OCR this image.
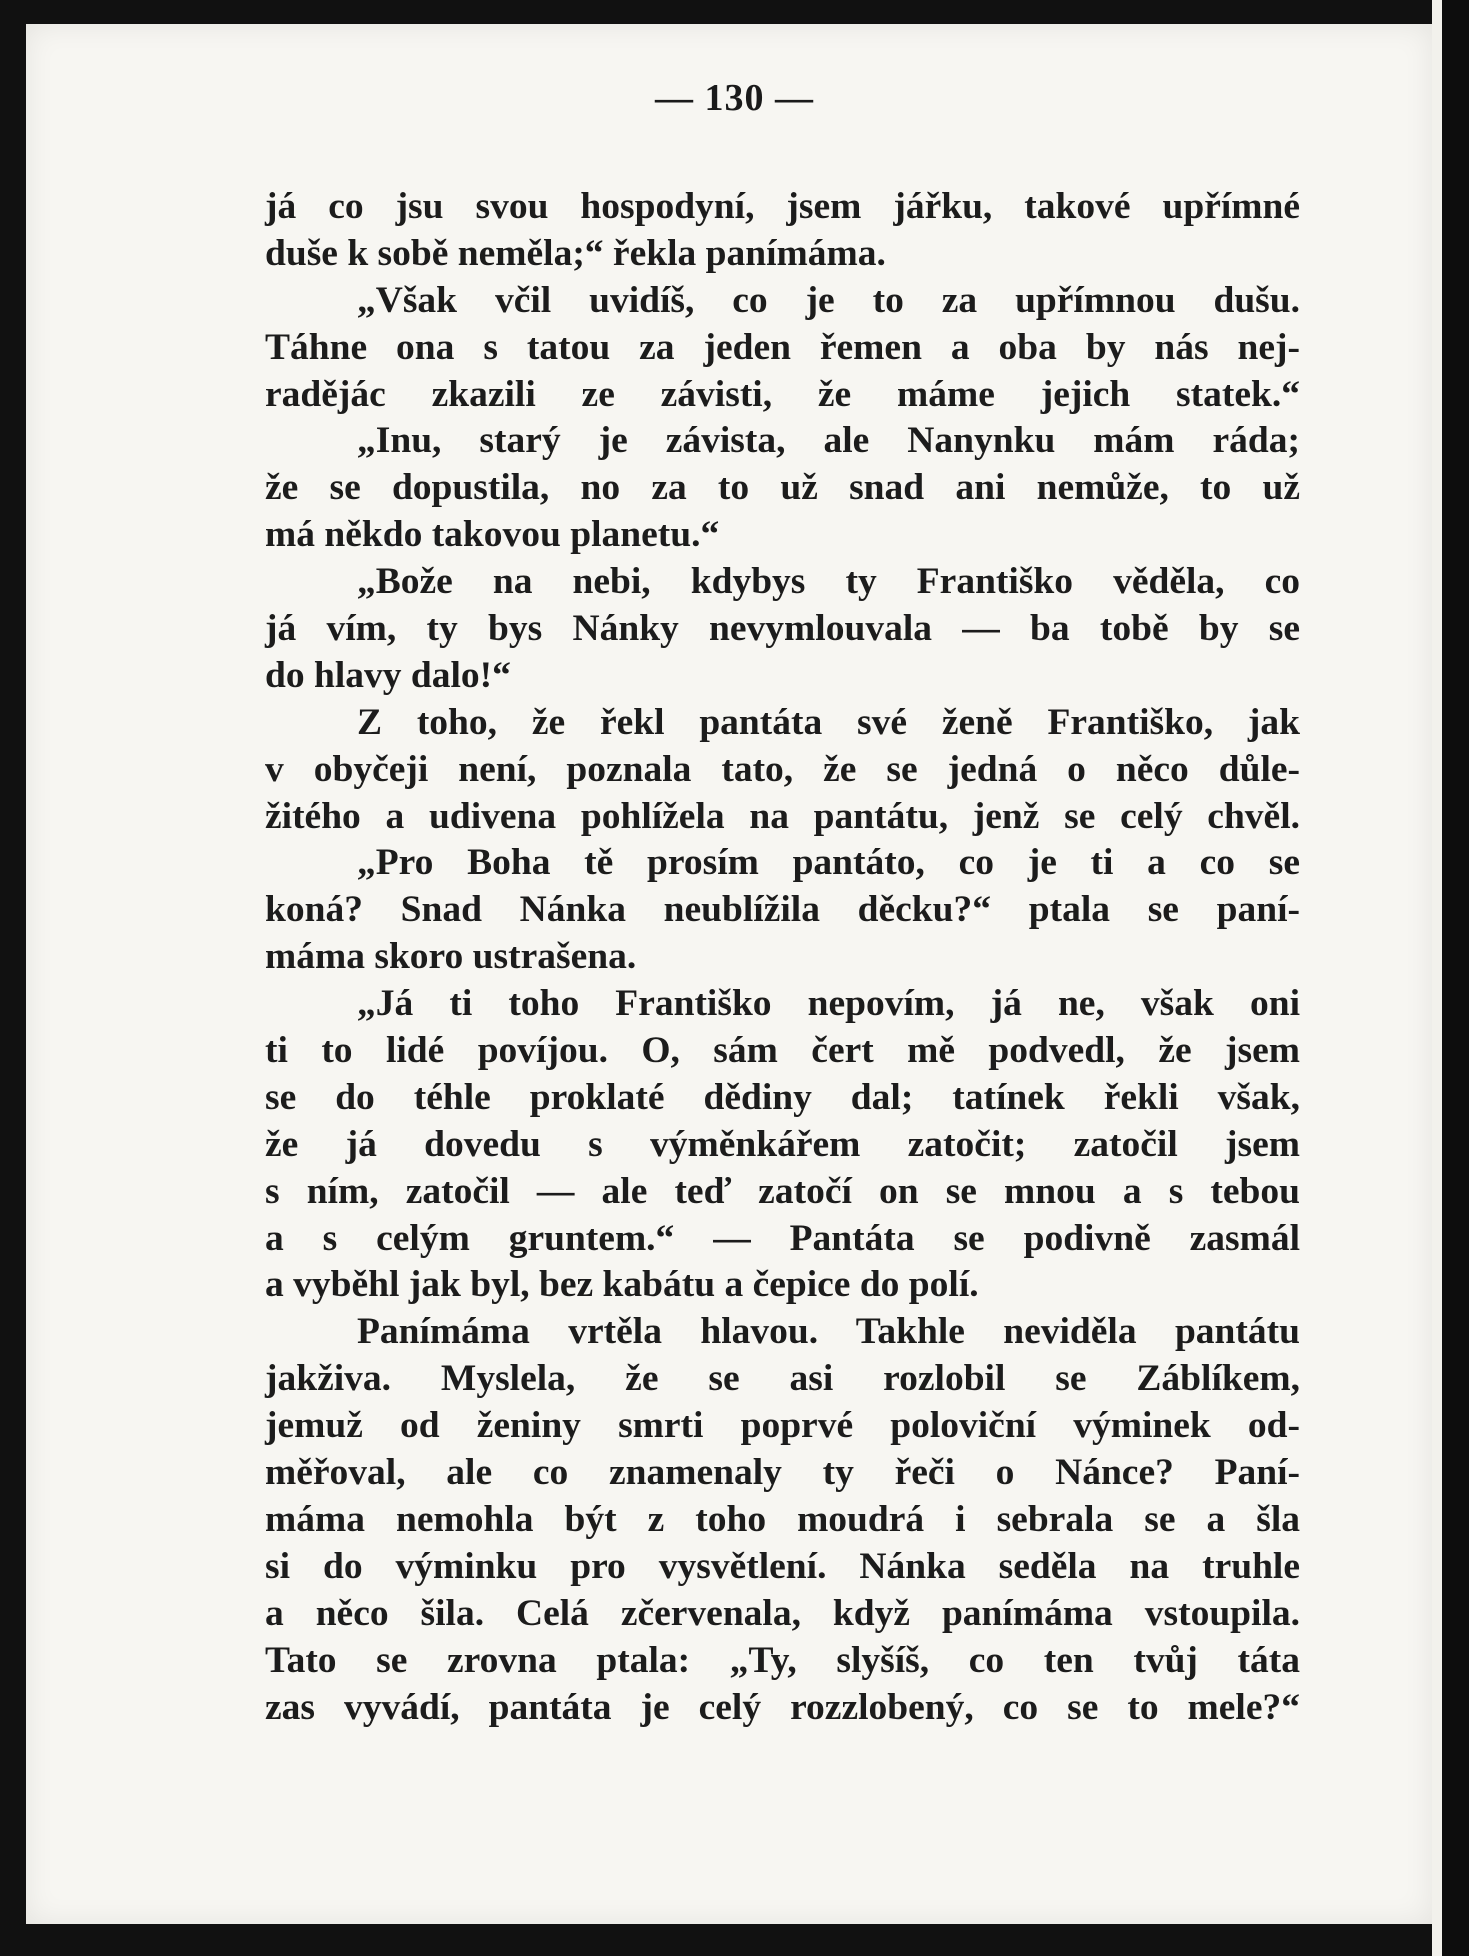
— 130 —
já co jsu svou hospodyní, jsem jářku, takové upřímné
duše k sobě neměla;“ řekla panímáma.
„Však včil uvidíš, co je to za upřímnou dušu.
Táhne ona s tatou za jeden řemen a oba by nás nej-
radějác zkazili ze závisti, že máme jejich statek.“
„Inu, starý je závista, ale Nanynku mám ráda;
že se dopustila, no za to už snad ani nemůže, to už
má někdo takovou planetu.“
„Bože na nebi, kdybys ty Františko věděla, co
já vím, ty bys Nánky nevymlouvala — ba tobě by se
do hlavy dalo!“
Z toho, že řekl pantáta své ženě Františko, jak
v obyčeji není, poznala tato, že se jedná o něco důle-
žitého a udivena pohlížela na pantátu, jenž se celý chvěl.
„Pro Boha tě prosím pantáto, co je ti a co se
koná? Snad Nánka neublížila děcku?“ ptala se paní-
máma skoro ustrašena.
„Já ti toho Františko nepovím, já ne, však oni
ti to lidé povíjou. O, sám čert mě podvedl, že jsem
se do téhle proklaté dědiny dal; tatínek řekli však,
že já dovedu s výměnkářem zatočit; zatočil jsem
s ním, zatočil — ale teď zatočí on se mnou a s tebou
a s celým gruntem.“ — Pantáta se podivně zasmál
a vyběhl jak byl, bez kabátu a čepice do polí.
Panímáma vrtěla hlavou. Takhle neviděla pantátu
jakživa. Myslela, že se asi rozlobil se Záblíkem,
jemuž od ženiny smrti poprvé poloviční výminek od-
měřoval, ale co znamenaly ty řeči o Nánce? Paní-
máma nemohla být z toho moudrá i sebrala se a šla
si do výminku pro vysvětlení. Nánka seděla na truhle
a něco šila. Celá zčervenala, když panímáma vstoupila.
Tato se zrovna ptala: „Ty, slyšíš, co ten tvůj táta
zas vyvádí, pantáta je celý rozzlobený, co se to mele?“
